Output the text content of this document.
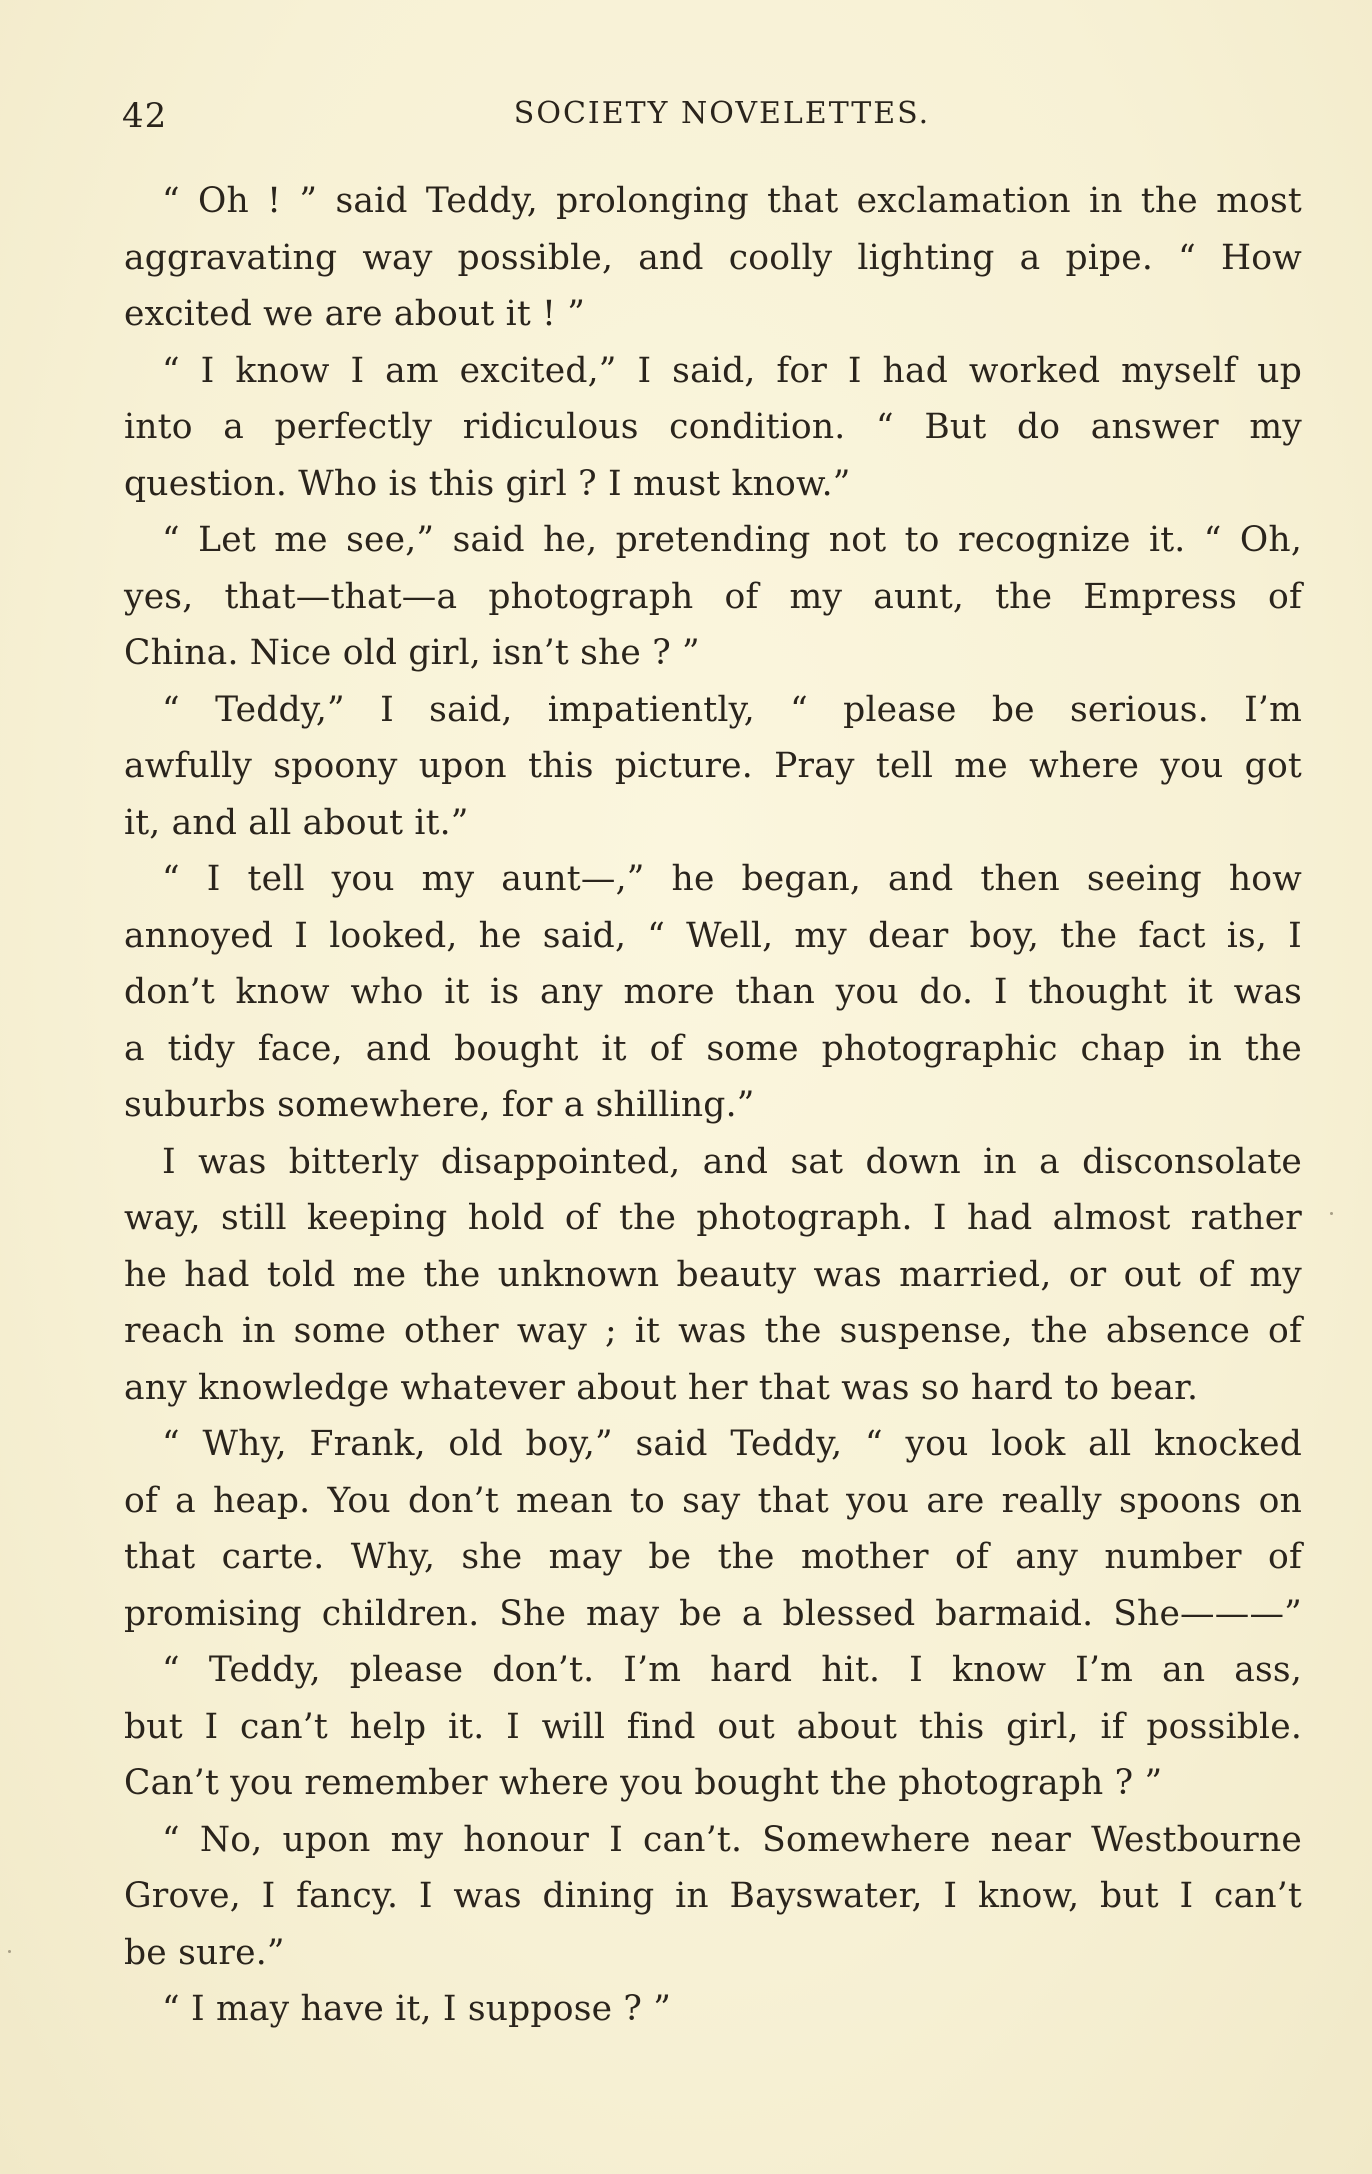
42	SOCIETY NOVELETTES.
“ Oh ! ” said Teddy, prolonging that exclamation in the most
aggravating way possible, and coolly lighting a pipe. “ How
excited we are about it ! ”
“ I know I am excited,” I said, for I had worked myself up
into a perfectly ridiculous condition. “ But do answer my
question. Who is this girl ? I must know.”
“ Let me see,” said he, pretending not to recognize it. “ Oh,
yes, that—that—a photograph of my aunt, the Empress of
China. Nice old girl, isn’t she ? ”
“ Teddy,” I said, impatiently, “ please be serious. I’m
awfully spoony upon this picture. Pray tell me where you got
it, and all about it.”
“ I tell you my aunt—,” he began, and then seeing how
annoyed I looked, he said, “ Well, my dear boy, the fact is, I
don’t know who it is any more than you do. I thought it was
a tidy face, and bought it of some photographic chap in the
suburbs somewhere, for a shilling.”
I was bitterly disappointed, and sat down in a disconsolate
way, still keeping hold of the photograph. I had almost rather
he had told me the unknown beauty was married, or out of my
reach in some other way ; it was the suspense, the absence of
any knowledge whatever about her that was so hard to bear.
“ Why, Frank, old boy,” said Teddy, “ you look all knocked
of a heap. You don’t mean to say that you are really spoons on
that carte. Why, she may be the mother of any number of
promising children. She may be a blessed barmaid. She———”
“ Teddy, please don’t. I’m hard hit. I know I’m an ass,
but I can’t help it. I will find out about this girl, if possible.
Can’t you remember where you bought the photograph ? ”
“ No, upon my honour I can’t. Somewhere near Westbourne
Grove, I fancy. I was dining in Bayswater, I know, but I can’t
be sure.”
“ I may have it, I suppose ? ”
